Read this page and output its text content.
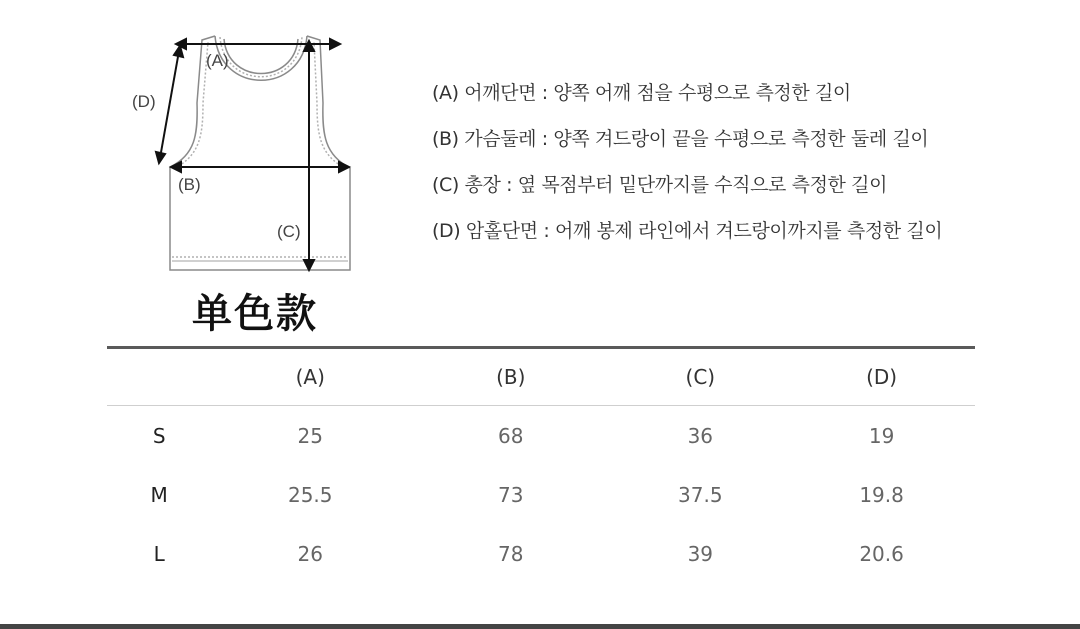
(A)
(B)
(C)
(D)	(A) 어깨단면 : 양쪽 어깨 점을 수평으로 측정한 길이
(B) 가슴둘레 : 양쪽 겨드랑이 끝을 수평으로 측정한 둘레 길이
(C) 총장 : 옆 목점부터 밑단까지를 수직으로 측정한 길이
(D) 암홀단면 : 어깨 봉제 라인에서 겨드랑이까지를 측정한 길이
单色款
	(A)	(B)	(C)	(D)
S	25	68	36	19
M	25.5	73	37.5	19.8
L	26	78	39	20.6
